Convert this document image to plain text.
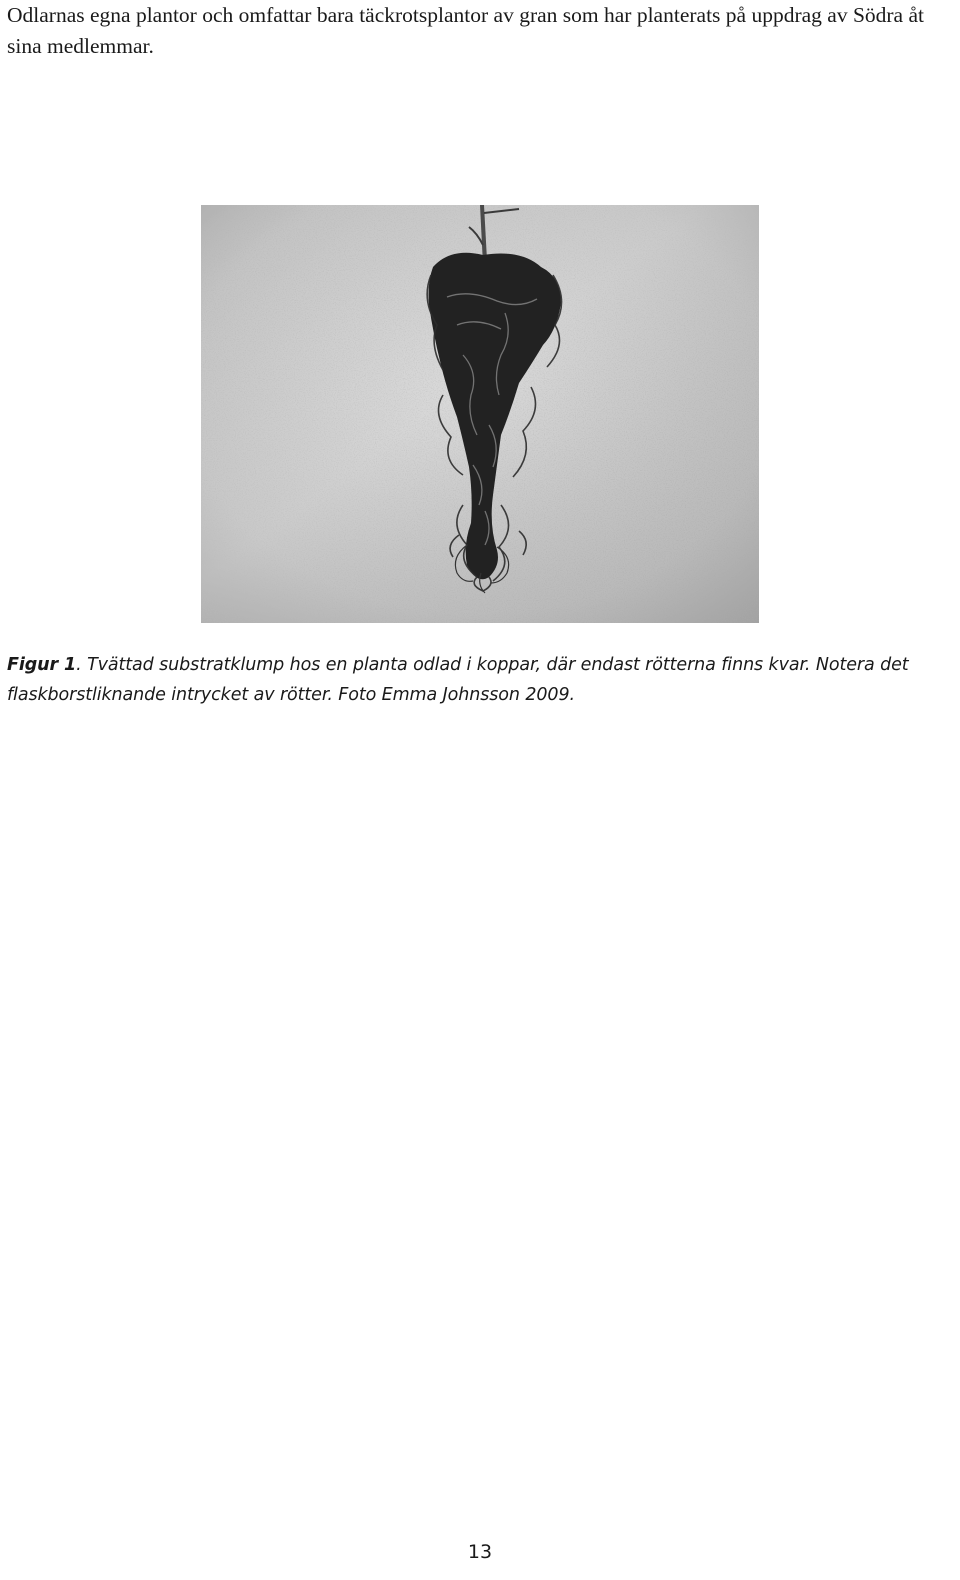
Odlarnas egna plantor och omfattar bara täckrotsplantor av gran som har planterats på uppdrag av Södra åt sina medlemmar.

Figur 1. Tvättad substratklump hos en planta odlad i koppar, där endast rötterna finns kvar. Notera det flaskborstliknande intrycket av rötter. Foto Emma Johnsson 2009.

13
